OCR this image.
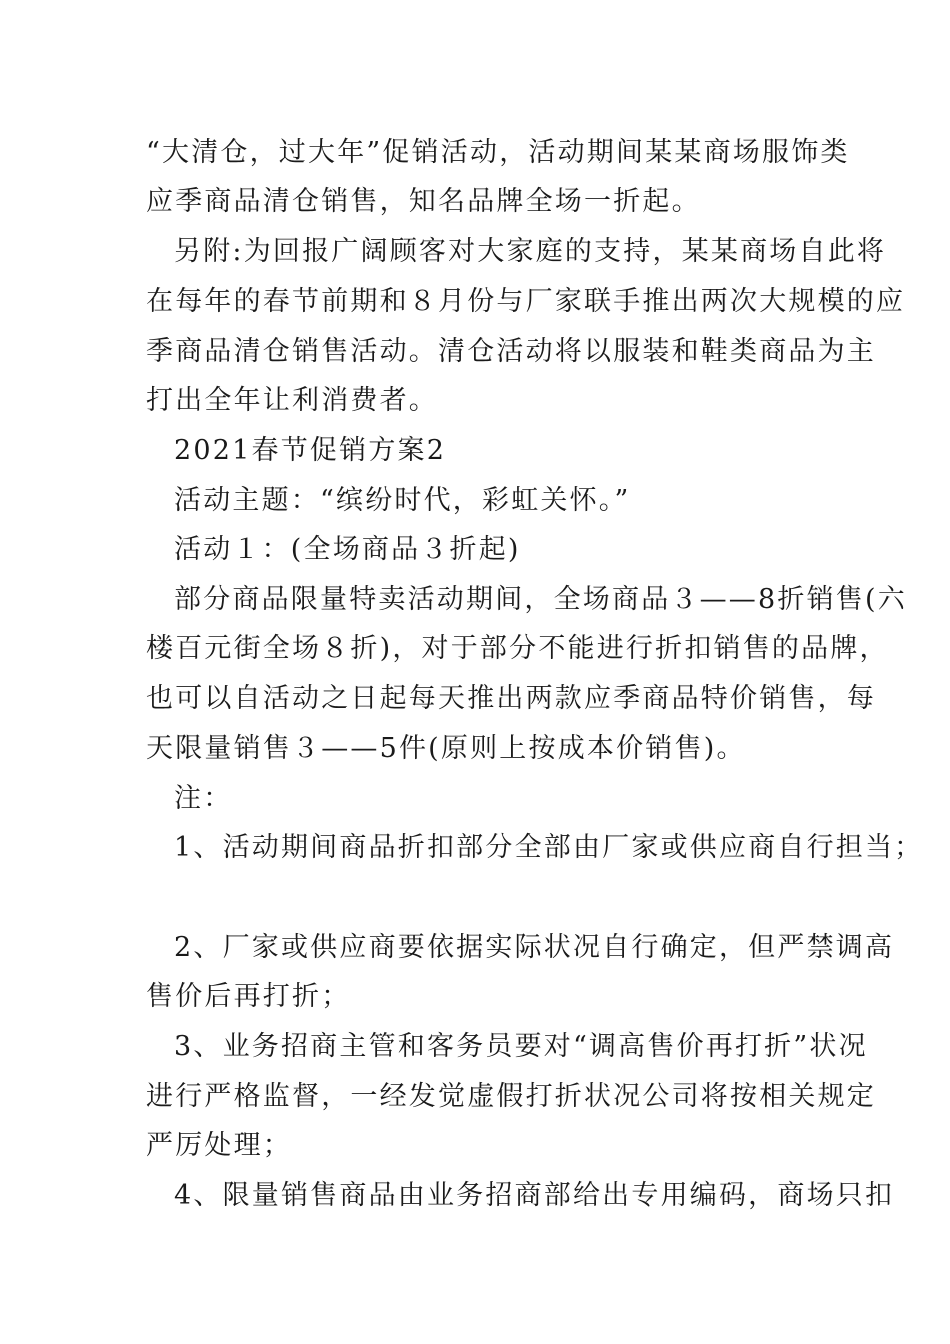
“大清仓，过大年”促销活动，活动期间某某商场服饰类
应季商品清仓销售，知名品牌全场一折起。
另附:为回报广阔顾客对大家庭的支持，某某商场自此将
在每年的春节前期和８月份与厂家联手推出两次大规模的应
季商品清仓销售活动。清仓活动将以服装和鞋类商品为主
打出全年让利消费者。
2021春节促销方案2
活动主题：“缤纷时代，彩虹关怀。”
活动１：(全场商品３折起)
部分商品限量特卖活动期间，全场商品３——8折销售(六
楼百元街全场８折)，对于部分不能进行折扣销售的品牌，
也可以自活动之日起每天推出两款应季商品特价销售，每
天限量销售３——5件(原则上按成本价销售)。
注：
1、活动期间商品折扣部分全部由厂家或供应商自行担当；
2、厂家或供应商要依据实际状况自行确定，但严禁调高
售价后再打折；
3、业务招商主管和客务员要对“调高售价再打折”状况
进行严格监督，一经发觉虚假打折状况公司将按相关规定
严厉处理；
4、限量销售商品由业务招商部给出专用编码，商场只扣
